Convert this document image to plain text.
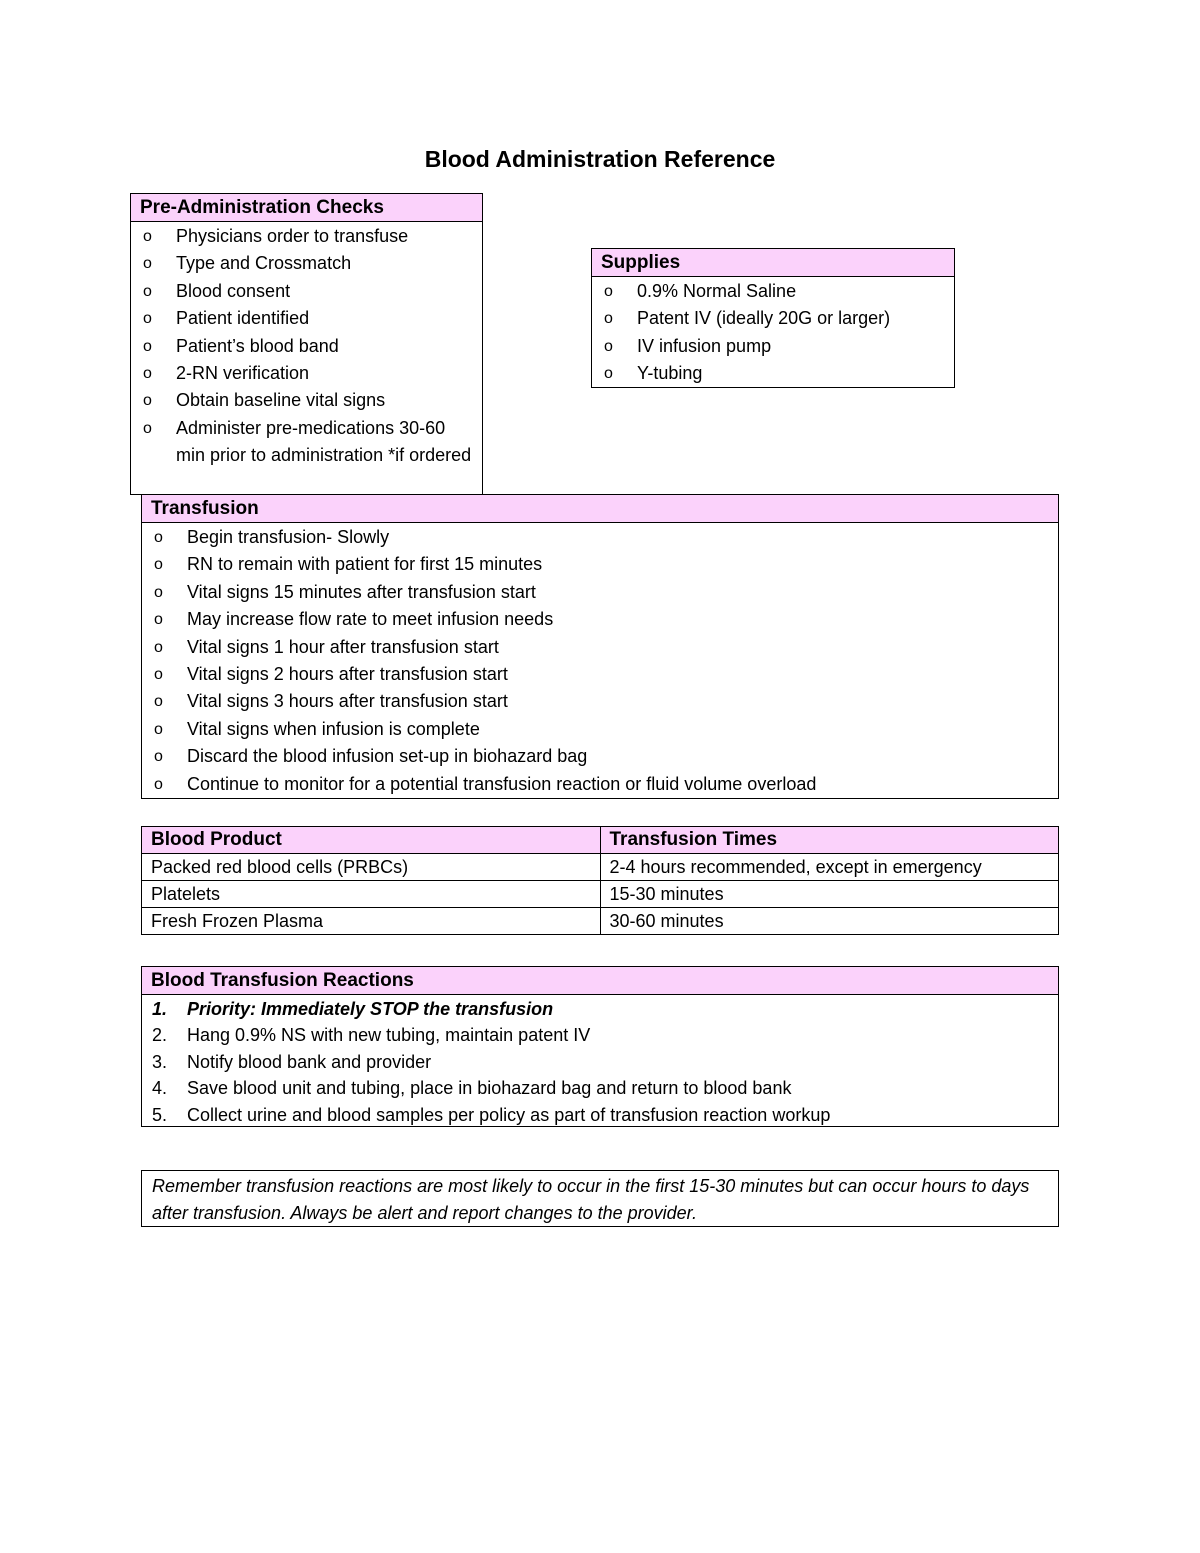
Blood Administration Reference
Pre-Administration Checks
o Physicians order to transfuse
o Type and Crossmatch
o Blood consent
o Patient identified
o Patient’s blood band
o 2-RN verification
o Obtain baseline vital signs
o Administer pre-medications 30-60 min prior to administration *if ordered
Supplies
o 0.9% Normal Saline
o Patent IV (ideally 20G or larger)
o IV infusion pump
o Y-tubing
Transfusion
o Begin transfusion- Slowly
o RN to remain with patient for first 15 minutes
o Vital signs 15 minutes after transfusion start
o May increase flow rate to meet infusion needs
o Vital signs 1 hour after transfusion start
o Vital signs 2 hours after transfusion start
o Vital signs 3 hours after transfusion start
o Vital signs when infusion is complete
o Discard the blood infusion set-up in biohazard bag
o Continue to monitor for a potential transfusion reaction or fluid volume overload
Blood Product	Transfusion Times
Packed red blood cells (PRBCs)	2-4 hours recommended, except in emergency
Platelets	15-30 minutes
Fresh Frozen Plasma	30-60 minutes
Blood Transfusion Reactions
1. Priority: Immediately STOP the transfusion
2. Hang 0.9% NS with new tubing, maintain patent IV
3. Notify blood bank and provider
4. Save blood unit and tubing, place in biohazard bag and return to blood bank
5. Collect urine and blood samples per policy as part of transfusion reaction workup
Remember transfusion reactions are most likely to occur in the first 15-30 minutes but can occur hours to days after transfusion. Always be alert and report changes to the provider.
